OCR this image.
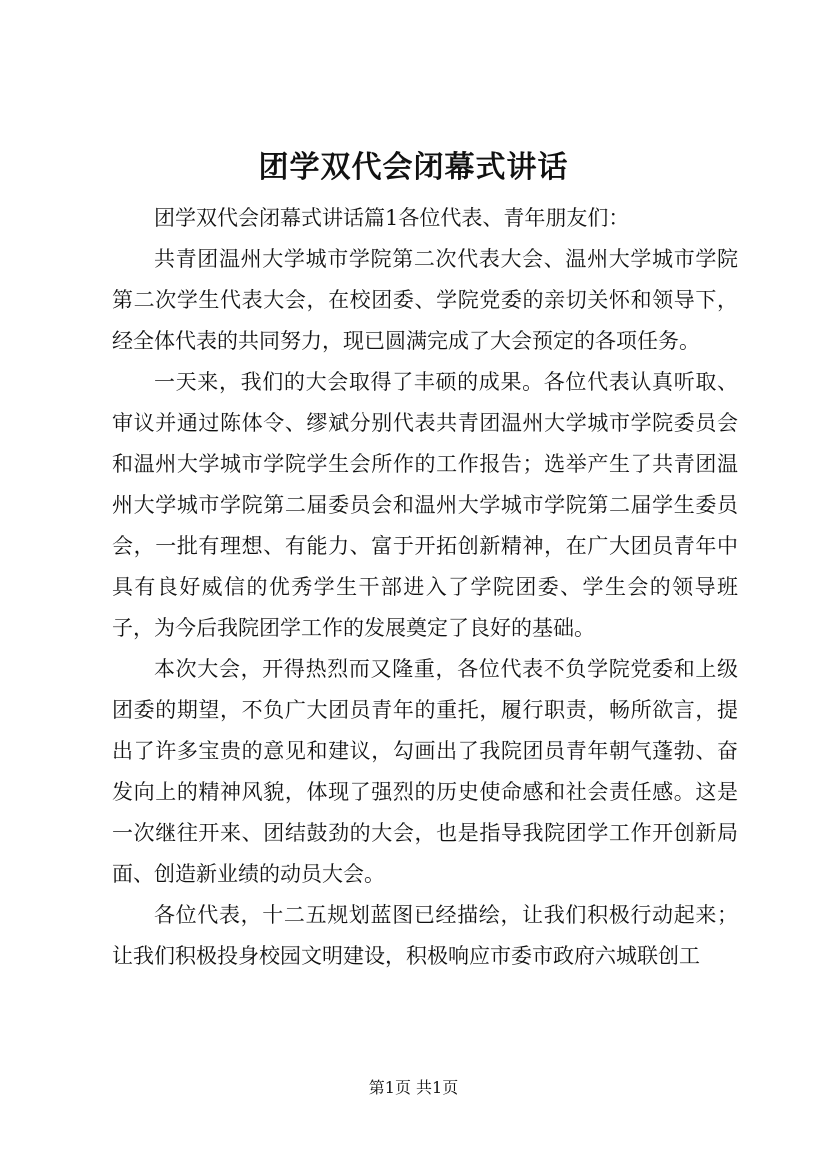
团学双代会闭幕式讲话

团学双代会闭幕式讲话篇1各位代表、青年朋友们：

共青团温州大学城市学院第二次代表大会、温州大学城市学院第二次学生代表大会，在校团委、学院党委的亲切关怀和领导下，经全体代表的共同努力，现已圆满完成了大会预定的各项任务。

一天来，我们的大会取得了丰硕的成果。各位代表认真听取、审议并通过陈体令、缪斌分别代表共青团温州大学城市学院委员会和温州大学城市学院学生会所作的工作报告；选举产生了共青团温州大学城市学院第二届委员会和温州大学城市学院第二届学生委员会，一批有理想、有能力、富于开拓创新精神，在广大团员青年中具有良好威信的优秀学生干部进入了学院团委、学生会的领导班子，为今后我院团学工作的发展奠定了良好的基础。

本次大会，开得热烈而又隆重，各位代表不负学院党委和上级团委的期望，不负广大团员青年的重托，履行职责，畅所欲言，提出了许多宝贵的意见和建议，勾画出了我院团员青年朝气蓬勃、奋发向上的精神风貌，体现了强烈的历史使命感和社会责任感。这是一次继往开来、团结鼓劲的大会，也是指导我院团学工作开创新局面、创造新业绩的动员大会。

各位代表，十二五规划蓝图已经描绘，让我们积极行动起来；让我们积极投身校园文明建设，积极响应市委市政府六城联创工

第1页 共1页
